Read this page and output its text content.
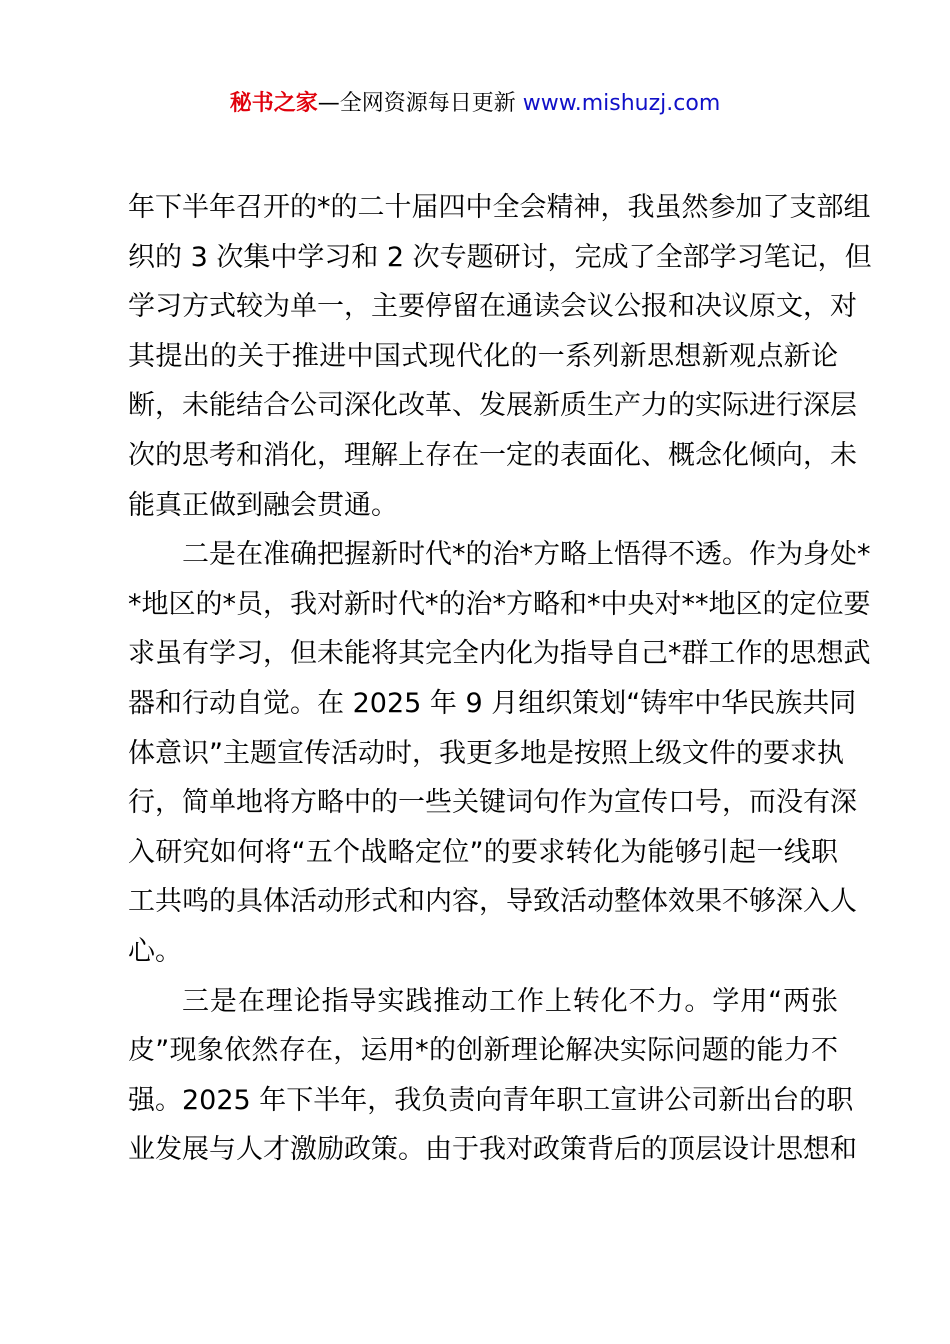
秘书之家—全网资源每日更新 www.mishuzj.com
年下半年召开的*的二十届四中全会精神，我虽然参加了支部组
织的 3 次集中学习和 2 次专题研讨，完成了全部学习笔记，但
学习方式较为单一，主要停留在通读会议公报和决议原文，对
其提出的关于推进中国式现代化的一系列新思想新观点新论
断，未能结合公司深化改革、发展新质生产力的实际进行深层
次的思考和消化，理解上存在一定的表面化、概念化倾向，未
能真正做到融会贯通。
二是在准确把握新时代*的治*方略上悟得不透。作为身处*
*地区的*员，我对新时代*的治*方略和*中央对**地区的定位要
求虽有学习，但未能将其完全内化为指导自己*群工作的思想武
器和行动自觉。在 2025 年 9 月组织策划“铸牢中华民族共同
体意识”主题宣传活动时，我更多地是按照上级文件的要求执
行，简单地将方略中的一些关键词句作为宣传口号，而没有深
入研究如何将“五个战略定位”的要求转化为能够引起一线职
工共鸣的具体活动形式和内容，导致活动整体效果不够深入人
心。
三是在理论指导实践推动工作上转化不力。学用“两张
皮”现象依然存在，运用*的创新理论解决实际问题的能力不
强。2025 年下半年，我负责向青年职工宣讲公司新出台的职
业发展与人才激励政策。由于我对政策背后的顶层设计思想和
